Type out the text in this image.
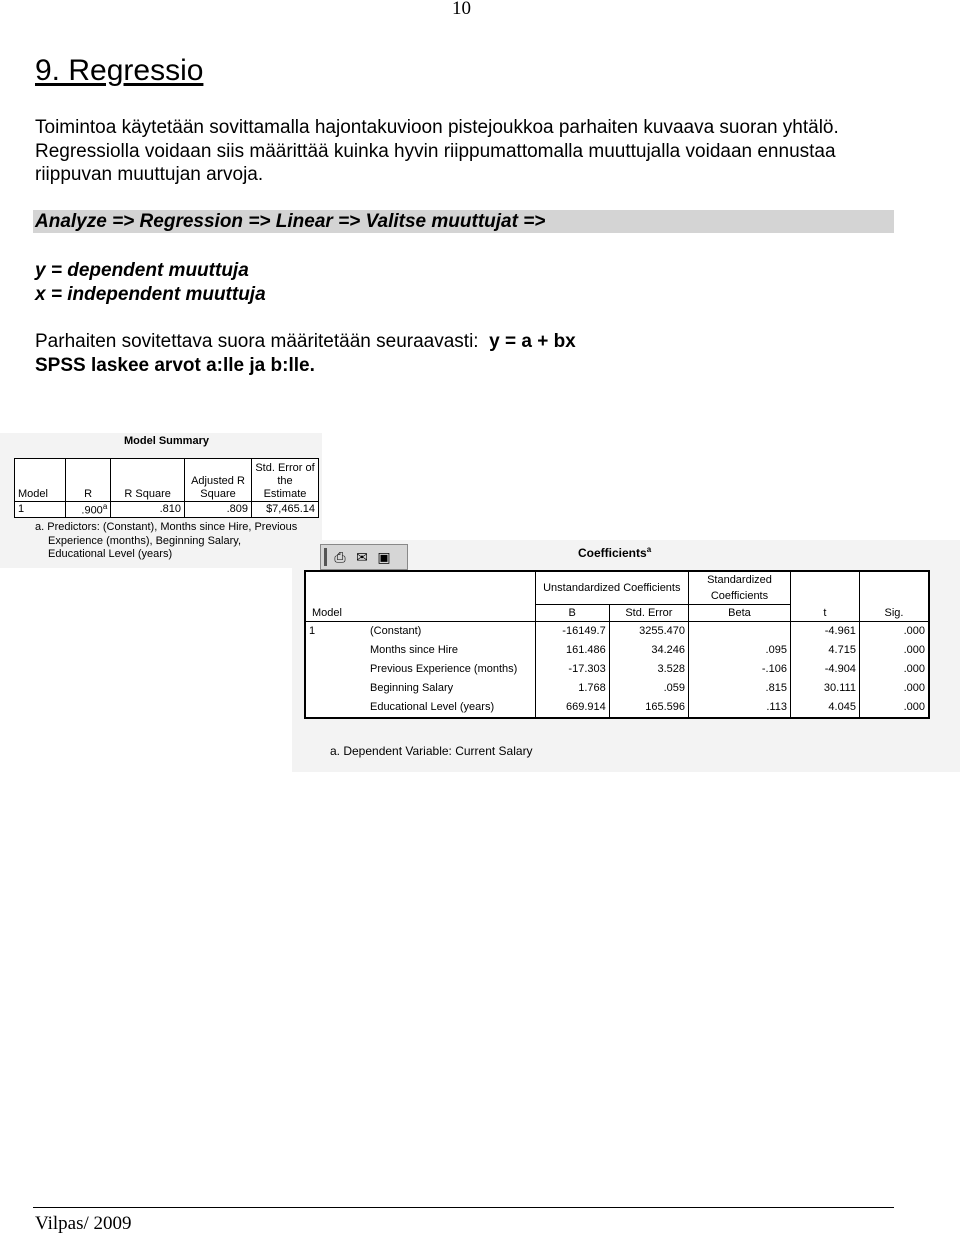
10
9. Regressio

Toimintoa käytetään sovittamalla hajontakuvioon pistejoukkoa parhaiten kuvaava suoran yhtälö. Regressiolla voidaan siis määrittää kuinka hyvin riippumattomalla muuttujalla voidaan ennustaa riippuvan muuttujan arvoja.

Analyze => Regression => Linear => Valitse muuttujat =>
y = dependent muuttuja
x = independent muuttuja
Parhaiten sovitettava suora määritetään seuraavasti: y = a + bx
SPSS laskee arvot a:lle ja b:lle.
Model Summary
Model	R	R Square	Adjusted R Square	Std. Error of the Estimate
1	.900$^a$	.810	.809	$7,465.14
a. Predictors: (Constant), Months since Hire, Previous
Experience (months), Beginning Salary,
Educational Level (years)	⎙ ✉ ▣	Coefficients$^a$
		Unstandardized Coefficients		Standardized Coefficients		
Model		B	Std. Error	Beta	t	Sig.
1	(Constant)	-16149.7	3255.470		-4.961	.000
	Months since Hire	161.486	34.246	.095	4.715	.000
	Previous Experience (months)	-17.303	3.528	-.106	-4.904	.000
	Beginning Salary	1.768	.059	.815	30.111	.000
	Educational Level (years)	669.914	165.596	.113	4.045	.000
a. Dependent Variable: Current Salary
Vilpas/ 2009
